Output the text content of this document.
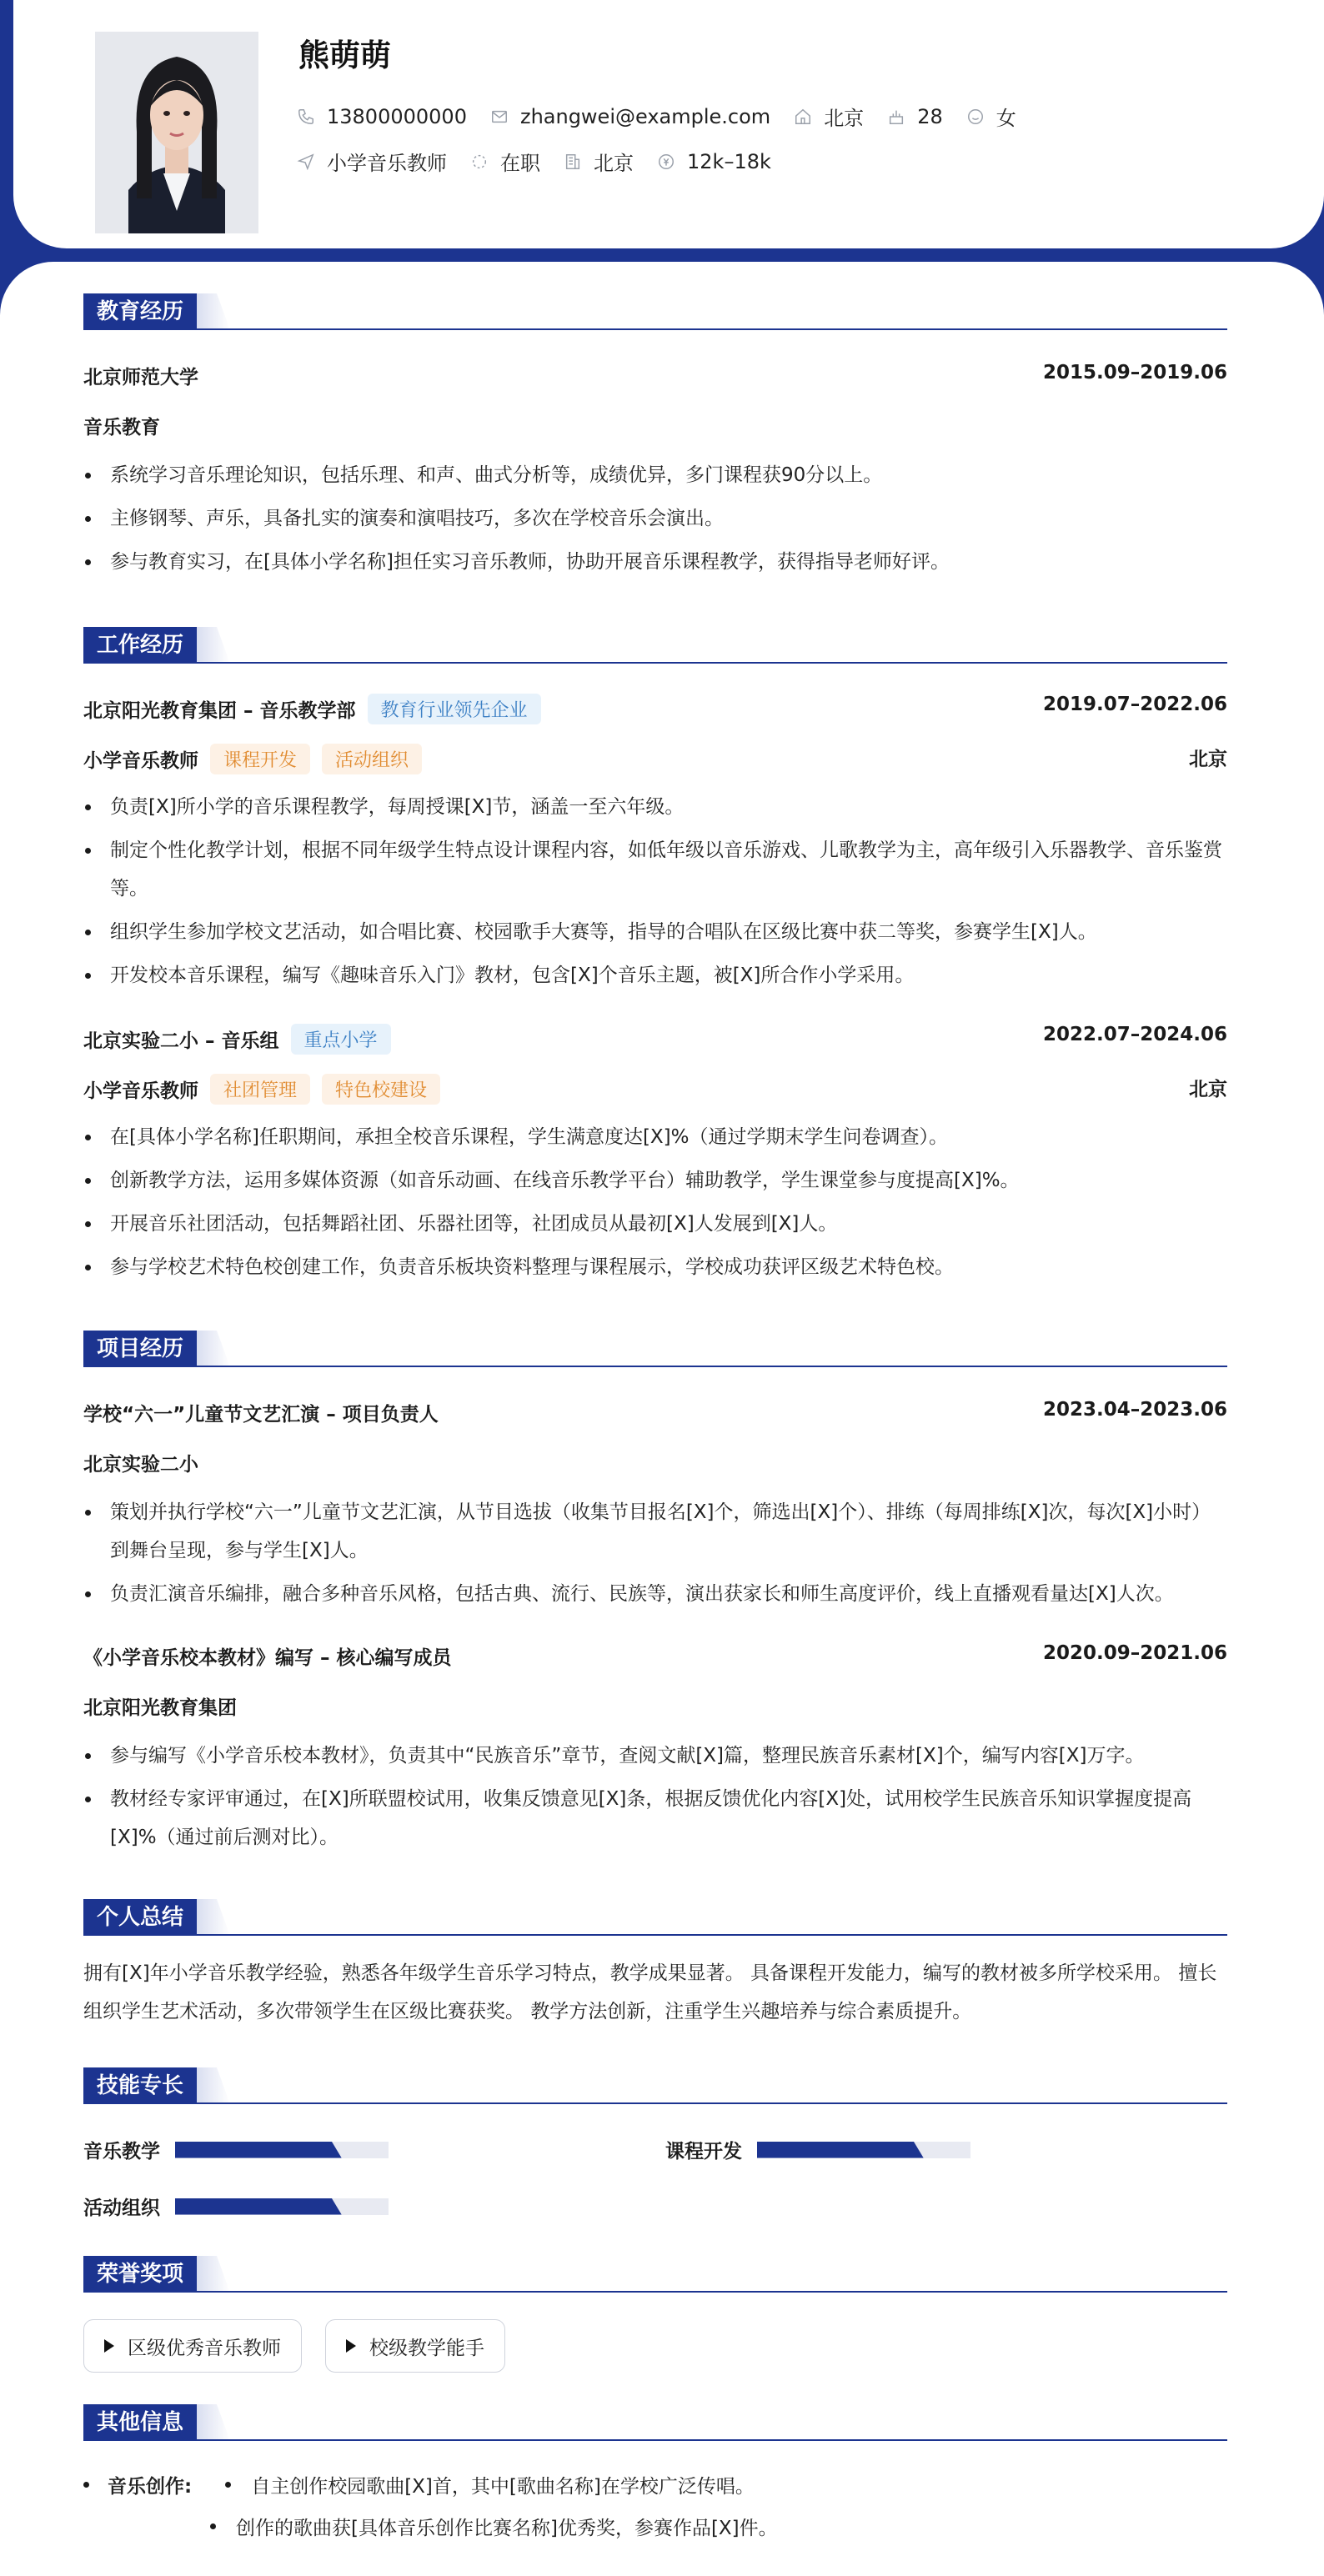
熊萌萌
13800000000	zhangwei@example.com	北京	28	女
小学音乐教师	在职	北京	12k–18k
教育经历
北京师范大学	2015.09–2019.06
音乐教育
系统学习音乐理论知识，包括乐理、和声、曲式分析等，成绩优异，多门课程获90分以上。
主修钢琴、声乐，具备扎实的演奏和演唱技巧，多次在学校音乐会演出。
参与教育实习，在[具体小学名称]担任实习音乐教师，协助开展音乐课程教学，获得指导老师好评。
工作经历
北京阳光教育集团 – 音乐教学部	教育行业领先企业	2019.07–2022.06
小学音乐教师	课程开发	活动组织	北京
负责[X]所小学的音乐课程教学，每周授课[X]节，涵盖一至六年级。
制定个性化教学计划，根据不同年级学生特点设计课程内容，如低年级以音乐游戏、儿歌教学为主，高年级引入乐器教学、音乐鉴赏等。
组织学生参加学校文艺活动，如合唱比赛、校园歌手大赛等，指导的合唱队在区级比赛中获二等奖，参赛学生[X]人。
开发校本音乐课程，编写《趣味音乐入门》教材，包含[X]个音乐主题，被[X]所合作小学采用。
北京实验二小 – 音乐组	重点小学	2022.07–2024.06
小学音乐教师	社团管理	特色校建设	北京
在[具体小学名称]任职期间，承担全校音乐课程，学生满意度达[X]%（通过学期末学生问卷调查）。
创新教学方法，运用多媒体资源（如音乐动画、在线音乐教学平台）辅助教学，学生课堂参与度提高[X]%。
开展音乐社团活动，包括舞蹈社团、乐器社团等，社团成员从最初[X]人发展到[X]人。
参与学校艺术特色校创建工作，负责音乐板块资料整理与课程展示，学校成功获评区级艺术特色校。
项目经历
学校“六一”儿童节文艺汇演 – 项目负责人	2023.04–2023.06
北京实验二小
策划并执行学校“六一”儿童节文艺汇演，从节目选拔（收集节目报名[X]个，筛选出[X]个）、排练（每周排练[X]次，每次[X]小时）到舞台呈现，参与学生[X]人。
负责汇演音乐编排，融合多种音乐风格，包括古典、流行、民族等，演出获家长和师生高度评价，线上直播观看量达[X]人次。
《小学音乐校本教材》编写 – 核心编写成员	2020.09–2021.06
北京阳光教育集团
参与编写《小学音乐校本教材》，负责其中“民族音乐”章节，查阅文献[X]篇，整理民族音乐素材[X]个，编写内容[X]万字。
教材经专家评审通过，在[X]所联盟校试用，收集反馈意见[X]条，根据反馈优化内容[X]处，试用校学生民族音乐知识掌握度提高[X]%（通过前后测对比）。
个人总结
拥有[X]年小学音乐教学经验，熟悉各年级学生音乐学习特点，教学成果显著。 具备课程开发能力，编写的教材被多所学校采用。 擅长组织学生艺术活动，多次带领学生在区级比赛获奖。 教学方法创新，注重学生兴趣培养与综合素质提升。
技能专长
音乐教学	课程开发
活动组织
荣誉奖项
区级优秀音乐教师	校级教学能手
其他信息
音乐创作:	自主创作校园歌曲[X]首，其中[歌曲名称]在学校广泛传唱。
创作的歌曲获[具体音乐创作比赛名称]优秀奖，参赛作品[X]件。
